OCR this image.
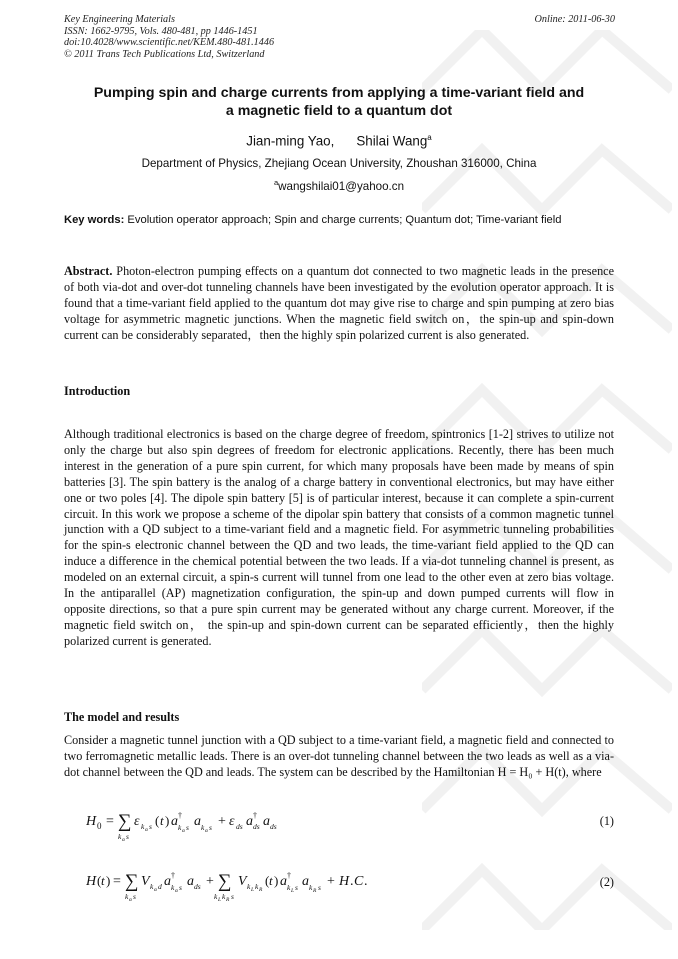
Key Engineering Materials
ISSN: 1662-9795, Vols. 480-481, pp 1446-1451
doi:10.4028/www.scientific.net/KEM.480-481.1446
© 2011 Trans Tech Publications Ltd, Switzerland
Online: 2011-06-30
Pumping spin and charge currents from applying a time-variant field and
a magnetic field to a quantum dot
Jian-ming Yao, Shilai Wang$^a$
Department of Physics, Zhejiang Ocean University, Zhoushan 316000, China
$^a$wangshilai01@yahoo.cn
Key words: Evolution operator approach; Spin and charge currents; Quantum dot; Time-variant field
Abstract. Photon-electron pumping effects on a quantum dot connected to two magnetic leads in the presence of both via-dot and over-dot tunneling channels have been investigated by the evolution operator approach. It is found that a time-variant field applied to the quantum dot may give rise to charge and spin pumping at zero bias voltage for asymmetric magnetic junctions. When the magnetic field switch on，the spin-up and spin-down current can be considerably separated，then the highly spin polarized current is also generated.
Introduction
Although traditional electronics is based on the charge degree of freedom, spintronics [1-2] strives to utilize not only the charge but also spin degrees of freedom for electronic applications. Recently, there has been much interest in the generation of a pure spin current, for which many proposals have been made by means of spin batteries [3]. The spin battery is the analog of a charge battery in conventional electronics, but may have either one or two poles [4]. The dipole spin battery [5] is of particular interest, because it can complete a spin-current circuit. In this work we propose a scheme of the dipolar spin battery that consists of a common magnetic tunnel junction with a QD subject to a time-variant field and a magnetic field. For asymmetric tunneling probabilities for the spin-s electronic channel between the QD and two leads, the time-variant field applied to the QD can induce a difference in the chemical potential between the two leads. If a via-dot tunneling channel is present, as modeled on an external circuit, a spin-s current will tunnel from one lead to the other even at zero bias voltage. In the antiparallel (AP) magnetization configuration, the spin-up and down pumped currents will flow in opposite directions, so that a pure spin current may be generated without any charge current. Moreover, if the magnetic field switch on， the spin-up and spin-down current can be separated efficiently，then the highly polarized current is generated.
The model and results
Consider a magnetic tunnel junction with a QD subject to a time-variant field, a magnetic field and connected to two ferromagnetic metallic leads. There is an over-dot tunneling channel between the two leads as well as a via-dot channel between the QD and leads. The system can be described by the Hamiltonian H = H₀ + H(t), where
H 0 = ∑
k α s
ε k α s ( t ) a †
k α s a k α s + ε ds a †
ds a ds	(1)
H ( t ) = ∑
k α s
V k α d a †
k α s a ds + ∑
k L k R s
V k L k R
( t ) a †
k L s a k R s + H . C .	(2)
